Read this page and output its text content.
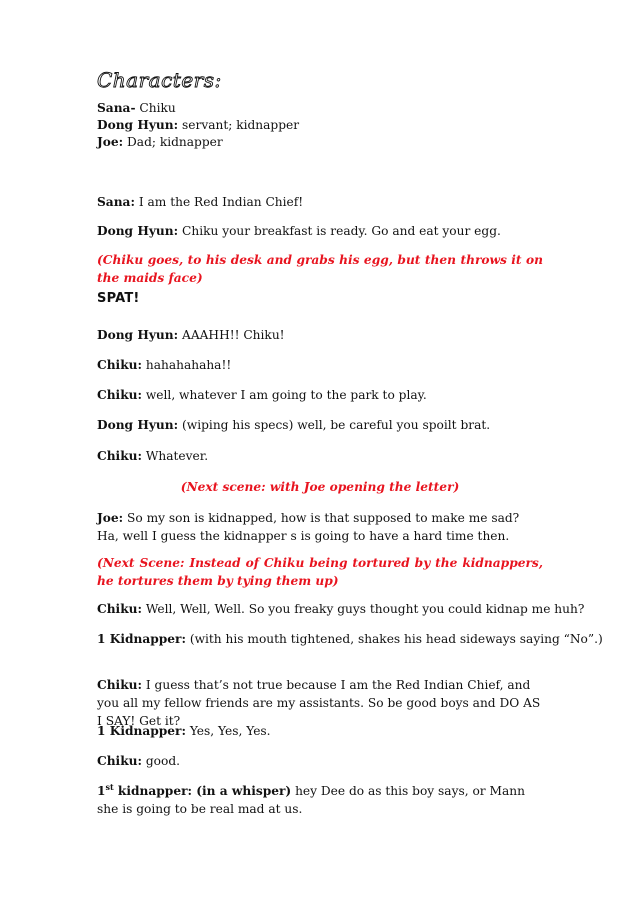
Characters:
Sana- Chiku
Dong Hyun: servant; kidnapper
Joe: Dad; kidnapper
Sana: I am the Red Indian Chief!
Dong Hyun: Chiku your breakfast is ready. Go and eat your egg.
(Chiku goes, to his desk and grabs his egg, but then throws it on the maids face)
SPAT!
Dong Hyun: AAAHH!! Chiku!
Chiku: hahahahaha!!
Chiku: well, whatever I am going to the park to play.
Dong Hyun: (wiping his specs) well, be careful you spoilt brat.
Chiku: Whatever.
(Next scene: with Joe opening the letter)
Joe: So my son is kidnapped, how is that supposed to make me sad? Ha, well I guess the kidnapper s is going to have a hard time then.
(Next Scene: Instead of Chiku being tortured by the kidnappers, he tortures them by tying them up)
Chiku: Well, Well, Well. So you freaky guys thought you could kidnap me huh?
1 Kidnapper: (with his mouth tightened, shakes his head sideways saying “No”.)
Chiku: I guess that’s not true because I am the Red Indian Chief, and you all my fellow friends are my assistants. So be good boys and DO AS I SAY! Get it?
1 Kidnapper: Yes, Yes, Yes.
Chiku: good.
1st kidnapper: (in a whisper) hey Dee do as this boy says, or Mann she is going to be real mad at us.
